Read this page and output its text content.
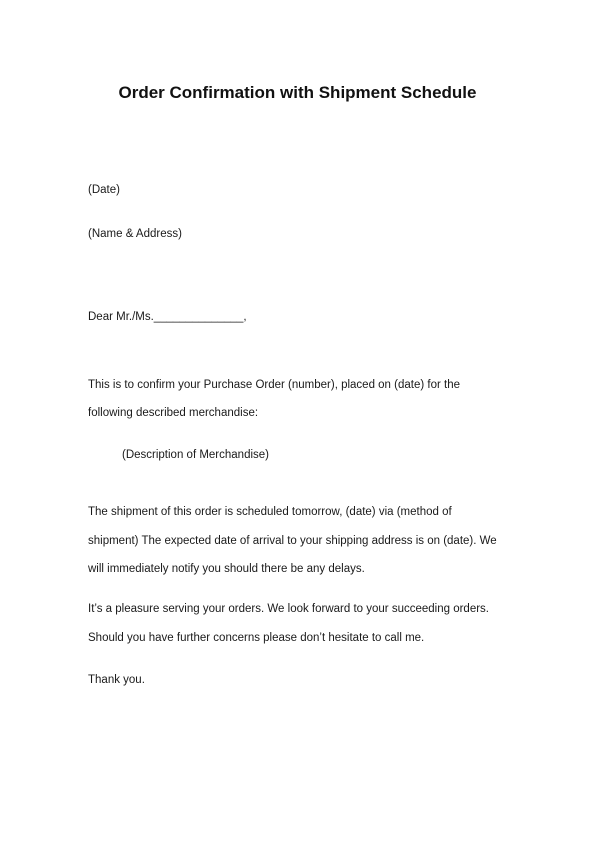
Order Confirmation with Shipment Schedule
(Date)
(Name & Address)
Dear Mr./Ms.______________,
This is to confirm your Purchase Order (number), placed on (date) for the
following described merchandise:
(Description of Merchandise)
The shipment of this order is scheduled tomorrow, (date) via (method of
shipment) The expected date of arrival to your shipping address is on (date). We
will immediately notify you should there be any delays.
It’s a pleasure serving your orders. We look forward to your succeeding orders.
Should you have further concerns please don’t hesitate to call me.
Thank you.
